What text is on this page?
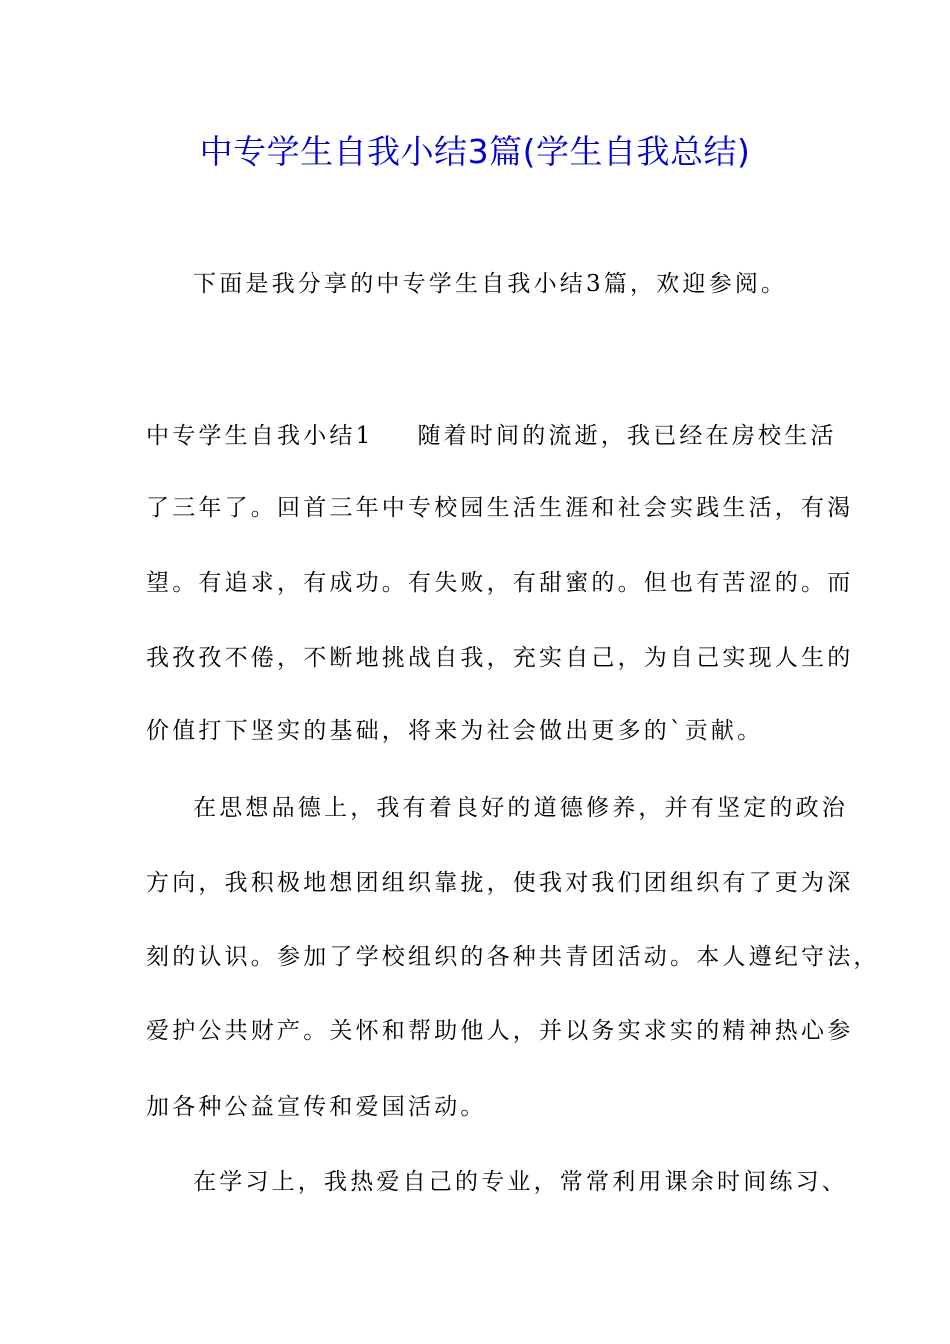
中专学生自我小结3篇(学生自我总结)
下面是我分享的中专学生自我小结3篇，欢迎参阅。
中专学生自我小结1 随着时间的流逝，我已经在房校生活
了三年了。回首三年中专校园生活生涯和社会实践生活，有渴
望。有追求，有成功。有失败，有甜蜜的。但也有苦涩的。而
我孜孜不倦，不断地挑战自我，充实自己，为自己实现人生的
价值打下坚实的基础，将来为社会做出更多的`贡献。
在思想品德上，我有着良好的道德修养，并有坚定的政治
方向，我积极地想团组织靠拢，使我对我们团组织有了更为深
刻的认识。参加了学校组织的各种共青团活动。本人遵纪守法，
爱护公共财产。关怀和帮助他人，并以务实求实的精神热心参
加各种公益宣传和爱国活动。
在学习上，我热爱自己的专业，常常利用课余时间练习、
